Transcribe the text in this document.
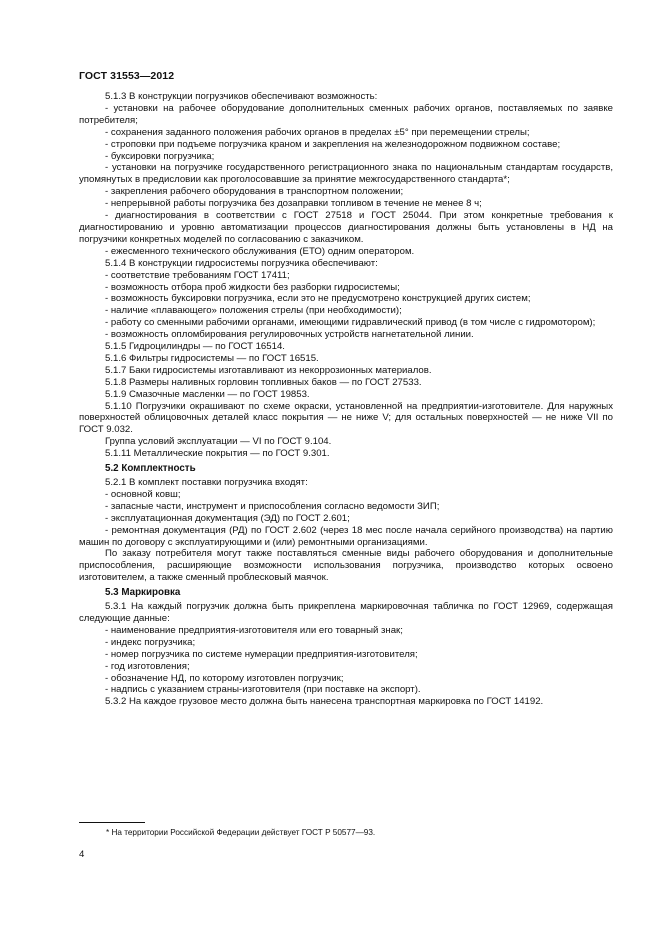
ГОСТ 31553—2012

5.1.3 В конструкции погрузчиков обеспечивают возможность:

- установки на рабочее оборудование дополнительных сменных рабочих органов, поставляемых по заявке потребителя;

- сохранения заданного положения рабочих органов в пределах ±5° при перемещении стрелы;

- строповки при подъеме погрузчика краном и закрепления на железнодорожном подвижном составе;

- буксировки погрузчика;

- установки на погрузчике государственного регистрационного знака по национальным стандартам государств, упомянутых в предисловии как проголосовавшие за принятие межгосударственного стандарта*;

- закрепления рабочего оборудования в транспортном положении;

- непрерывной работы погрузчика без дозаправки топливом в течение не менее 8 ч;

- диагностирования в соответствии с ГОСТ 27518 и ГОСТ 25044. При этом конкретные требования к диагностированию и уровню автоматизации процессов диагностирования должны быть установлены в НД на погрузчики конкретных моделей по согласованию с заказчиком.

- ежесменного технического обслуживания (ЕТО) одним оператором.

5.1.4 В конструкции гидросистемы погрузчика обеспечивают:

- соответствие требованиям ГОСТ 17411;

- возможность отбора проб жидкости без разборки гидросистемы;

- возможность буксировки погрузчика, если это не предусмотрено конструкцией других систем;

- наличие «плавающего» положения стрелы (при необходимости);

- работу со сменными рабочими органами, имеющими гидравлический привод (в том числе с гидромотором);

- возможность опломбирования регулировочных устройств нагнетательной линии.

5.1.5 Гидроцилиндры — по ГОСТ 16514.

5.1.6 Фильтры гидросистемы — по ГОСТ 16515.

5.1.7 Баки гидросистемы изготавливают из некоррозионных материалов.

5.1.8 Размеры наливных горловин топливных баков — по ГОСТ 27533.

5.1.9 Смазочные масленки — по ГОСТ 19853.

5.1.10 Погрузчики окрашивают по схеме окраски, установленной на предприятии-изготовителе. Для наружных поверхностей облицовочных деталей класс покрытия — не ниже V; для остальных поверхностей — не ниже VII по ГОСТ 9.032.

Группа условий эксплуатации — VI по ГОСТ 9.104.

5.1.11 Металлические покрытия — по ГОСТ 9.301.

5.2 Комплектность

5.2.1 В комплект поставки погрузчика входят:

- основной ковш;

- запасные части, инструмент и приспособления согласно ведомости ЗИП;

- эксплуатационная документация (ЭД) по ГОСТ 2.601;

- ремонтная документация (РД) по ГОСТ 2.602 (через 18 мес после начала серийного производства) на партию машин по договору с эксплуатирующими и (или) ремонтными организациями.

По заказу потребителя могут также поставляться сменные виды рабочего оборудования и дополнительные приспособления, расширяющие возможности использования погрузчика, производство которых освоено изготовителем, а также сменный проблесковый маячок.

5.3 Маркировка

5.3.1 На каждый погрузчик должна быть прикреплена маркировочная табличка по ГОСТ 12969, содержащая следующие данные:

- наименование предприятия-изготовителя или его товарный знак;

- индекс погрузчика;

- номер погрузчика по системе нумерации предприятия-изготовителя;

- год изготовления;

- обозначение НД, по которому изготовлен погрузчик;

- надпись с указанием страны-изготовителя (при поставке на экспорт).

5.3.2 На каждое грузовое место должна быть нанесена транспортная маркировка по ГОСТ 14192.

* На территории Российской Федерации действует ГОСТ Р 50577—93.
4
